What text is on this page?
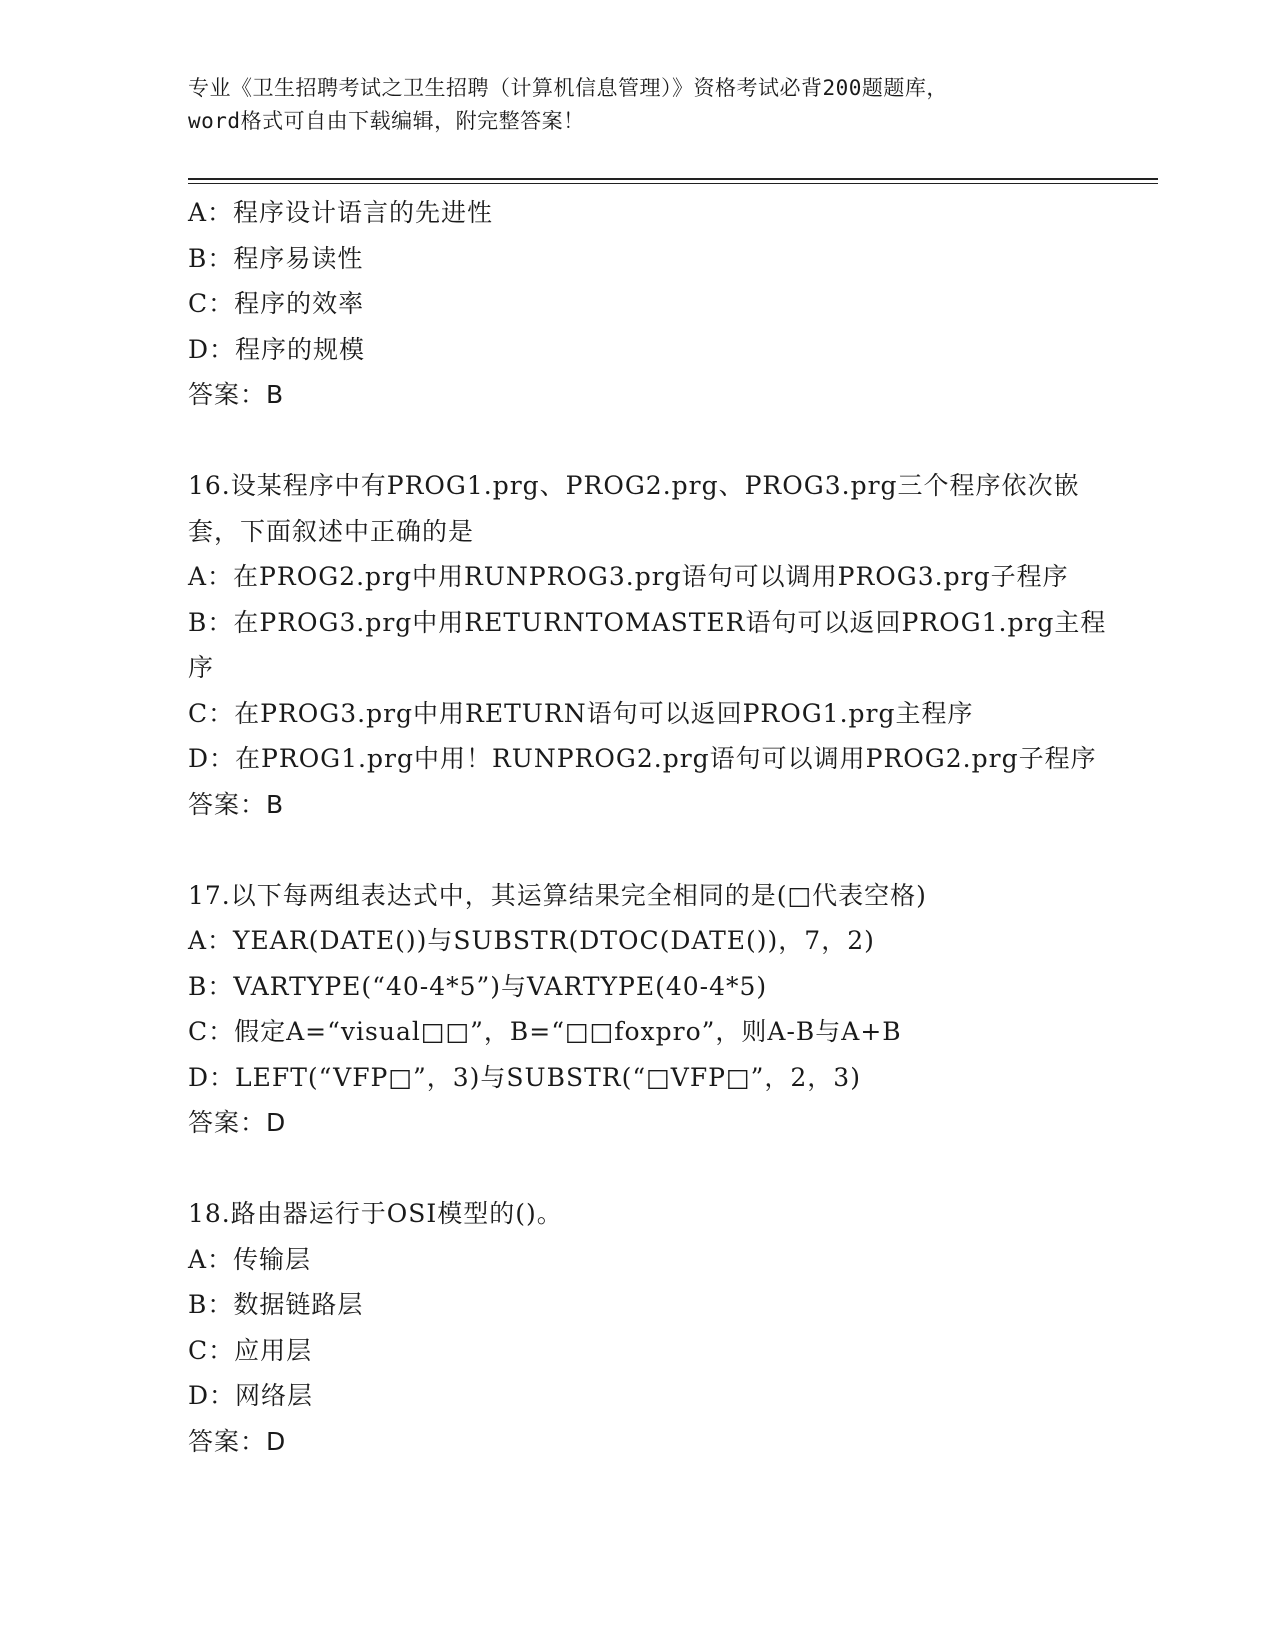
专业《卫生招聘考试之卫生招聘（计算机信息管理）》资格考试必背200题题库，
word格式可自由下载编辑，附完整答案！
A：程序设计语言的先进性
B：程序易读性
C：程序的效率
D：程序的规模
答案：B
16.设某程序中有PROG1.prg、PROG2.prg、PROG3.prg三个程序依次嵌
套，下面叙述中正确的是
A：在PROG2.prg中用RUNPROG3.prg语句可以调用PROG3.prg子程序
B：在PROG3.prg中用RETURNTOMASTER语句可以返回PROG1.prg主程
序
C：在PROG3.prg中用RETURN语句可以返回PROG1.prg主程序
D：在PROG1.prg中用！RUNPROG2.prg语句可以调用PROG2.prg子程序
答案：B
17.以下每两组表达式中，其运算结果完全相同的是(□代表空格)
A：YEAR(DATE())与SUBSTR(DTOC(DATE())，7，2)
B：VARTYPE(“40-4*5”)与VARTYPE(40-4*5)
C：假定A=“visual□□”，B=“□□foxpro”，则A-B与A+B
D：LEFT(“VFP□”，3)与SUBSTR(“□VFP□”，2，3)
答案：D
18.路由器运行于OSI模型的()。
A：传输层
B：数据链路层
C：应用层
D：网络层
答案：D
